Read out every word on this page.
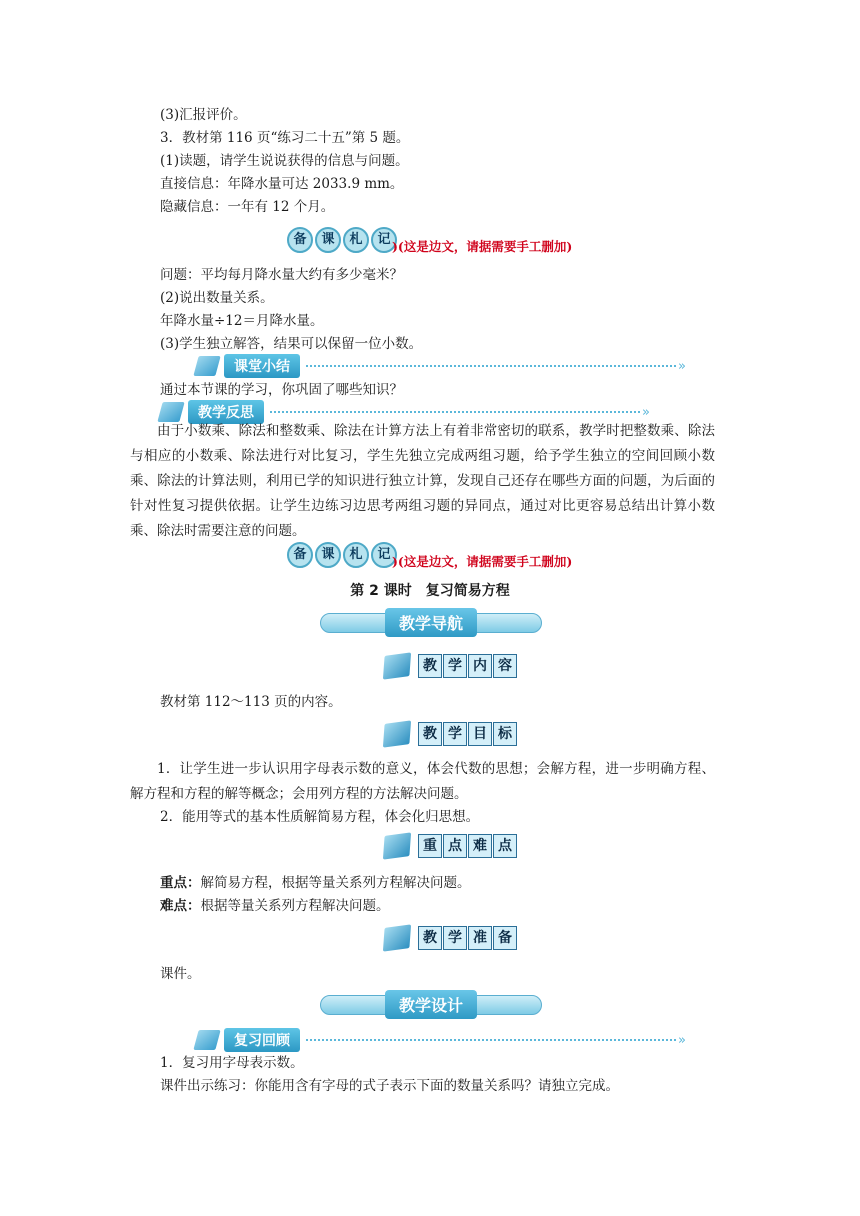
(3)汇报评价。
3．教材第 116 页“练习二十五”第 5 题。
(1)读题，请学生说说获得的信息与问题。
直接信息：年降水量可达 2033.9 mm。
隐藏信息：一年有 12 个月。
备	课	札	记 )(这是边文，请据需要手工删加)
问题：平均每月降水量大约有多少毫米？
(2)说出数量关系。
年降水量÷12＝月降水量。
(3)学生独立解答，结果可以保留一位小数。
课堂小结	»
通过本节课的学习，你巩固了哪些知识？
教学反思	»
由于小数乘、除法和整数乘、除法在计算方法上有着非常密切的联系，教学时把整数乘、除法与相应的小数乘、除法进行对比复习，学生先独立完成两组习题，给予学生独立的空间回顾小数乘、除法的计算法则，利用已学的知识进行独立计算，发现自己还存在哪些方面的问题，为后面的针对性复习提供依据。让学生边练习边思考两组习题的异同点，通过对比更容易总结出计算小数乘、除法时需要注意的问题。
备	课	札	记 )(这是边文，请据需要手工删加)
第 2 课时　复习简易方程
教学导航
教 学 内 容
教材第 112～113 页的内容。
教 学 目 标
1．让学生进一步认识用字母表示数的意义，体会代数的思想；会解方程，进一步明确方程、解方程和方程的解等概念；会用列方程的方法解决问题。
2．能用等式的基本性质解简易方程，体会化归思想。
重 点 难 点
重点：解简易方程，根据等量关系列方程解决问题。
难点：根据等量关系列方程解决问题。
教 学 准 备
课件。
教学设计
复习回顾	»
1．复习用字母表示数。
课件出示练习：你能用含有字母的式子表示下面的数量关系吗？请独立完成。
